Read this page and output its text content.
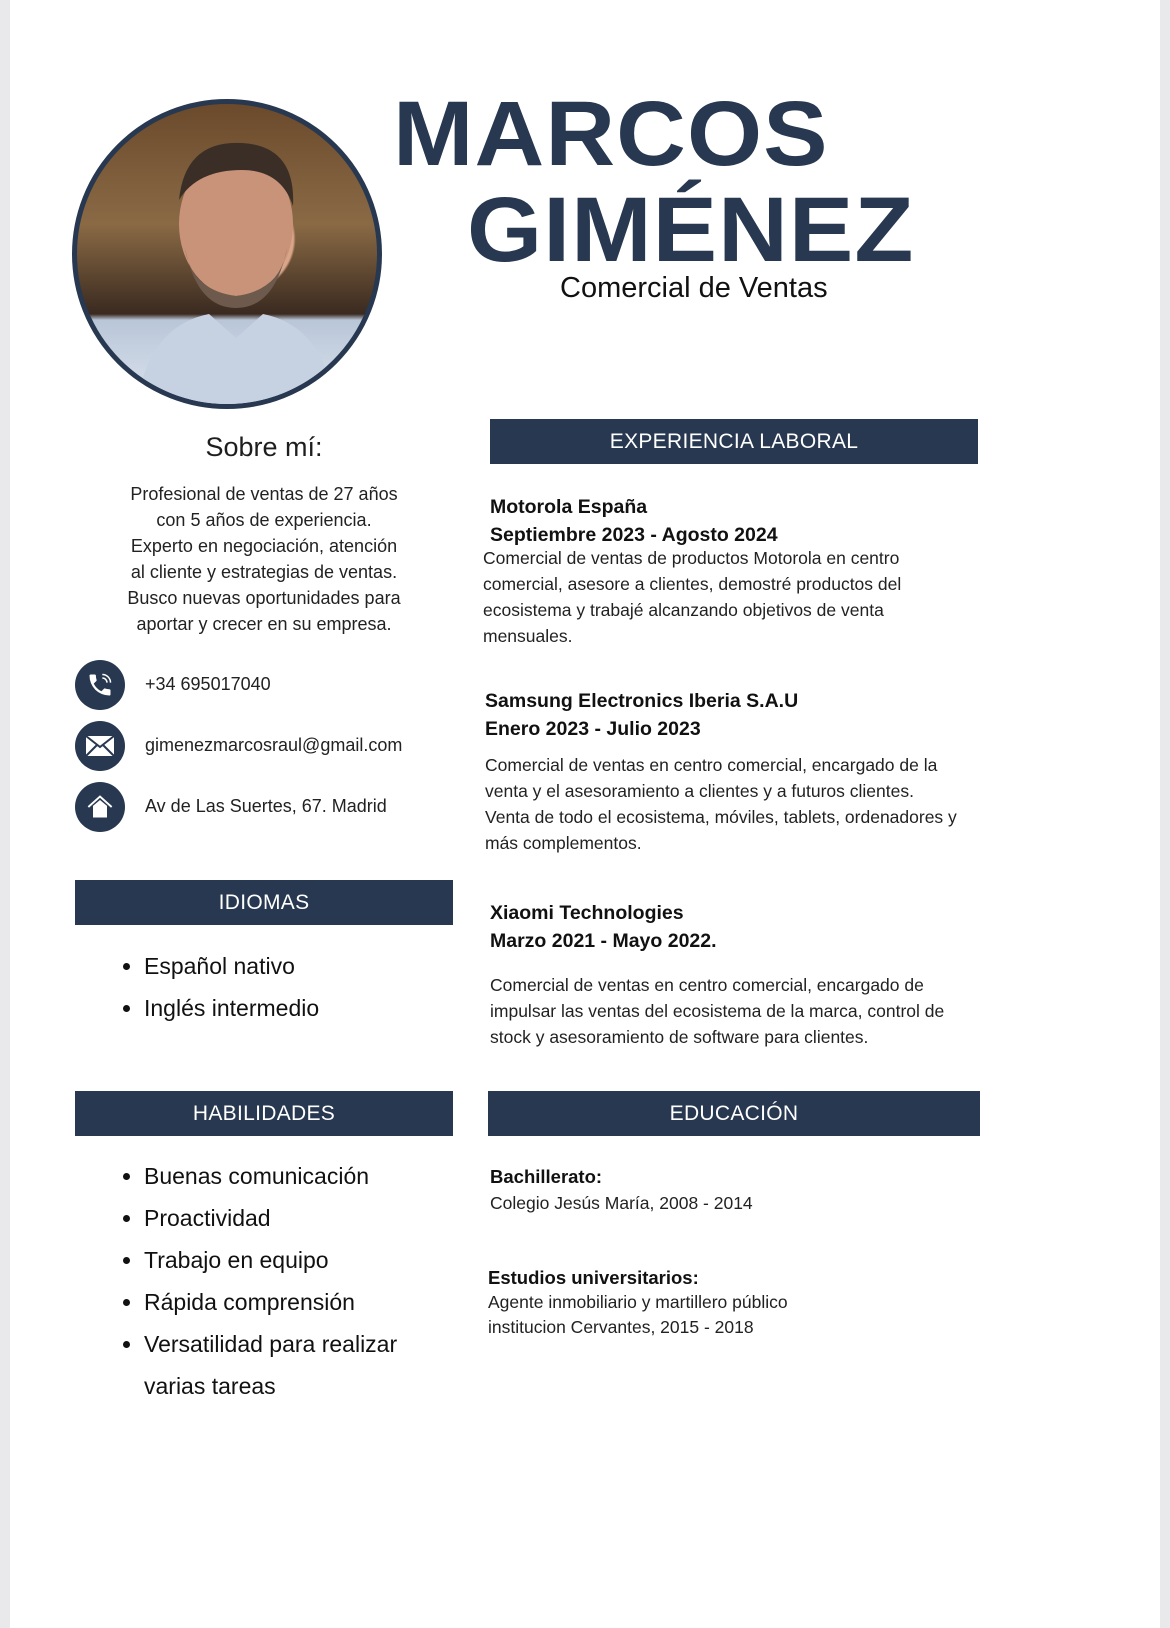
MARCOS
GIMÉNEZ
Comercial de Ventas
Sobre mí:
Profesional de ventas de 27 años
con 5 años de experiencia.
Experto en negociación, atención
al cliente y estrategias de ventas.
Busco nuevas oportunidades para
aportar y crecer en su empresa.
+34 695017040
gimenezmarcosraul@gmail.com
Av de Las Suertes, 67. Madrid
IDIOMAS
• Español nativo
• Inglés intermedio
HABILIDADES
• Buenas comunicación
• Proactividad
• Trabajo en equipo
• Rápida comprensión
• Versatilidad para realizar
varias tareas
EXPERIENCIA LABORAL
Motorola España
Septiembre 2023 - Agosto 2024
Comercial de ventas de productos Motorola en centro
comercial, asesore a clientes, demostré productos del
ecosistema y trabajé alcanzando objetivos de venta
mensuales.
Samsung Electronics Iberia S.A.U
Enero 2023 - Julio 2023
Comercial de ventas en centro comercial, encargado de la
venta y el asesoramiento a clientes y a futuros clientes.
Venta de todo el ecosistema, móviles, tablets, ordenadores y
más complementos.
Xiaomi Technologies
Marzo 2021 - Mayo 2022.
Comercial de ventas en centro comercial, encargado de
impulsar las ventas del ecosistema de la marca, control de
stock y asesoramiento de software para clientes.
EDUCACIÓN
Bachillerato:
Colegio Jesús María, 2008 - 2014
Estudios universitarios:
Agente inmobiliario y martillero público
institucion Cervantes, 2015 - 2018
